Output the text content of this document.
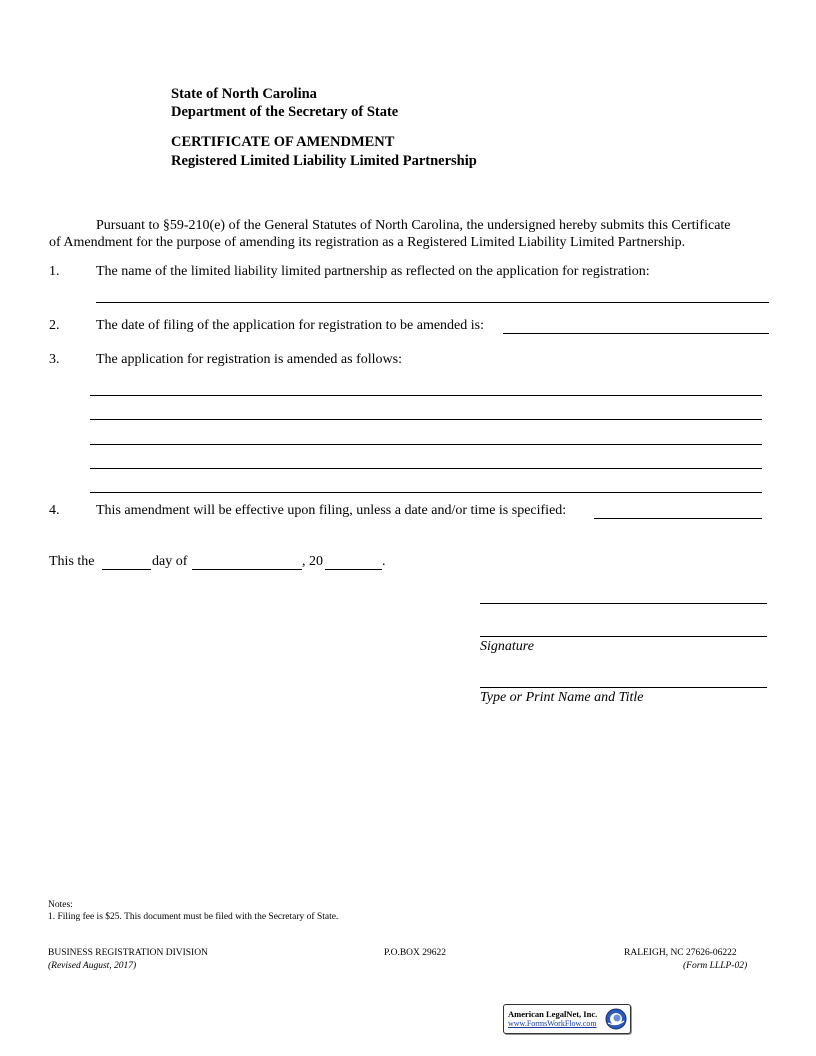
State of North Carolina
Department of the Secretary of State
CERTIFICATE OF AMENDMENT
Registered Limited Liability Limited Partnership
Pursuant to §59-210(e) of the General Statutes of North Carolina, the undersigned hereby submits this Certificate
of Amendment for the purpose of amending its registration as a Registered Limited Liability Limited Partnership.
1.	The name of the limited liability limited partnership as reflected on the application for registration:
2.	The date of filing of the application for registration to be amended is:
3.	The application for registration is amended as follows:
4.	This amendment will be effective upon filing, unless a date and/or time is specified:
This the	day of	, 20	.
Signature
Type or Print Name and Title
Notes:
1. Filing fee is $25. This document must be filed with the Secretary of State.
BUSINESS REGISTRATION DIVISION
(Revised August, 2017)
P.O.BOX 29622	RALEIGH, NC 27626-06222
(Form LLLP-02)
American LegalNet, Inc.
www.FormsWorkFlow.com
